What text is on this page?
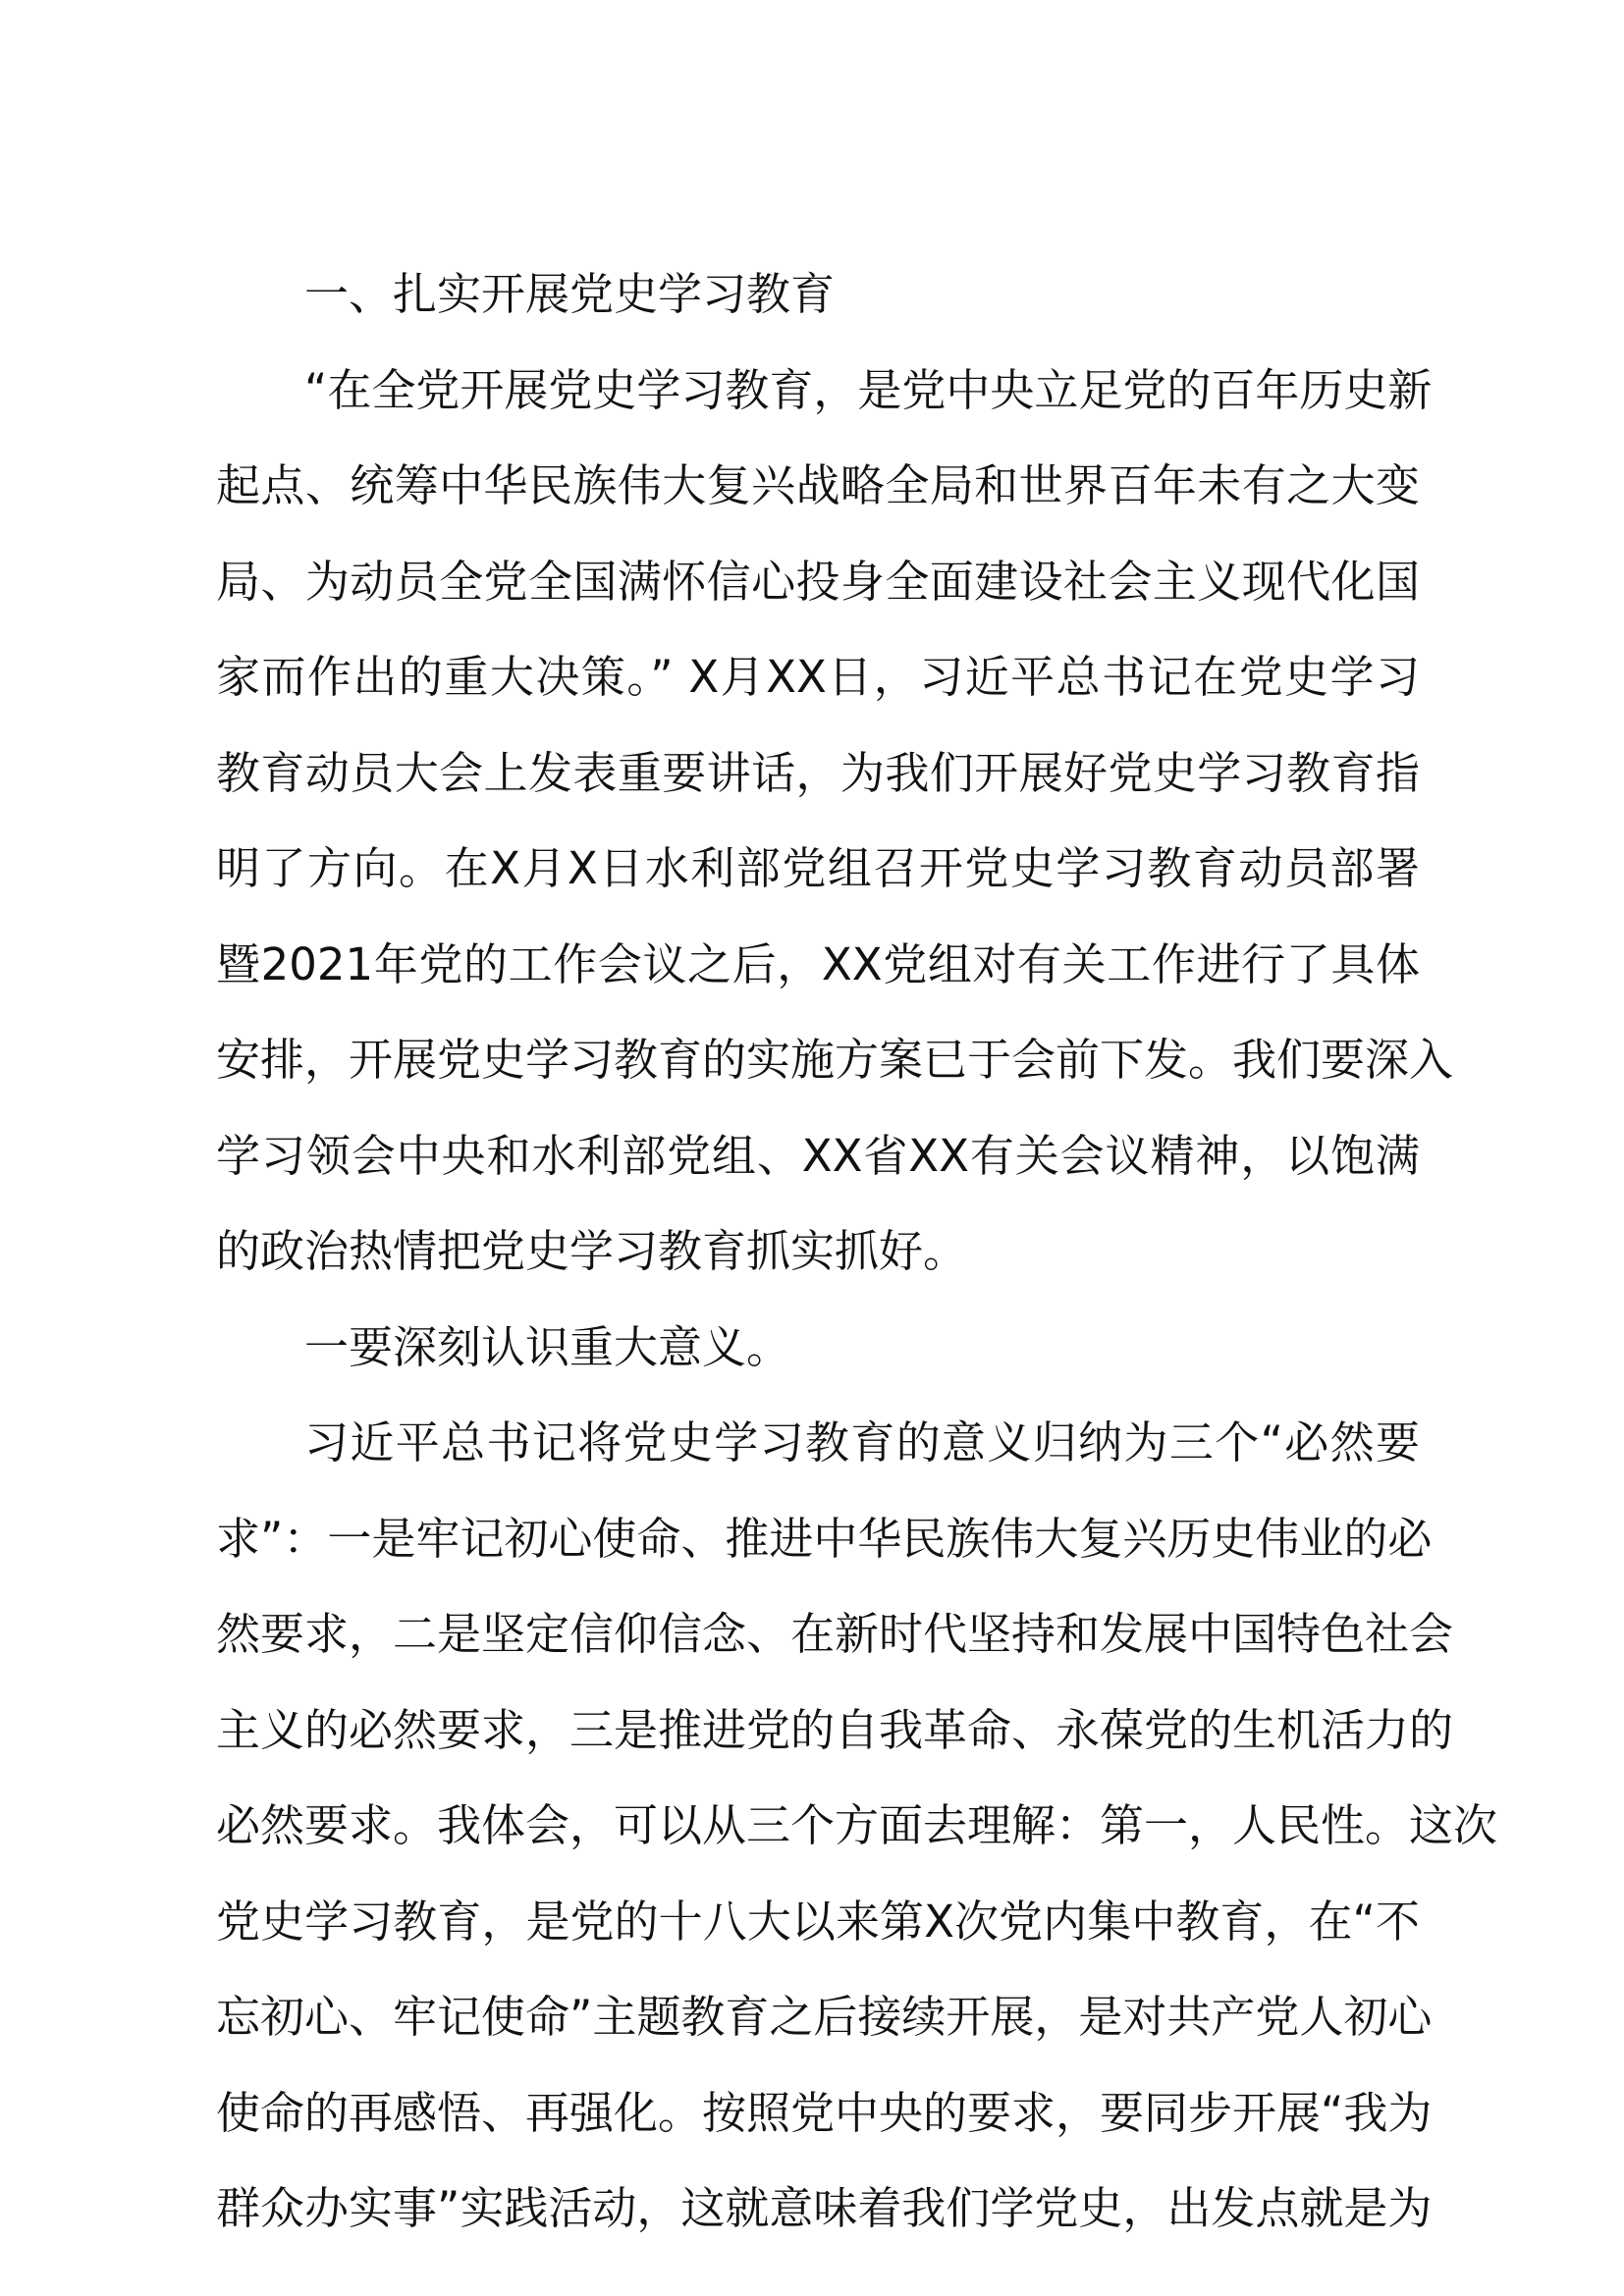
一、扎实开展党史学习教育
“在全党开展党史学习教育，是党中央立足党的百年历史新
起点、统筹中华民族伟大复兴战略全局和世界百年未有之大变
局、为动员全党全国满怀信心投身全面建设社会主义现代化国
家而作出的重大决策。” X月XX日，习近平总书记在党史学习
教育动员大会上发表重要讲话，为我们开展好党史学习教育指
明了方向。在X月X日水利部党组召开党史学习教育动员部署
暨2021年党的工作会议之后，XX党组对有关工作进行了具体
安排，开展党史学习教育的实施方案已于会前下发。我们要深入
学习领会中央和水利部党组、XX省XX有关会议精神，以饱满
的政治热情把党史学习教育抓实抓好。
一要深刻认识重大意义。
习近平总书记将党史学习教育的意义归纳为三个“必然要
求”：一是牢记初心使命、推进中华民族伟大复兴历史伟业的必
然要求，二是坚定信仰信念、在新时代坚持和发展中国特色社会
主义的必然要求，三是推进党的自我革命、永葆党的生机活力的
必然要求。我体会，可以从三个方面去理解：第一，人民性。这次
党史学习教育，是党的十八大以来第X次党内集中教育，在“不
忘初心、牢记使命”主题教育之后接续开展，是对共产党人初心
使命的再感悟、再强化。按照党中央的要求，要同步开展“我为
群众办实事”实践活动，这就意味着我们学党史，出发点就是为
